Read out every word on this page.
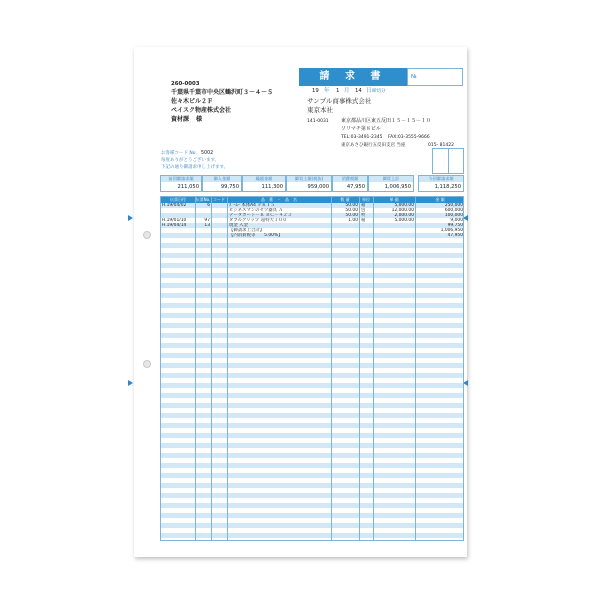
260-0003
千葉県千葉市中央区鶴沢町３－４－５
佐々木ビル２Ｆ
ペイスク物産株式会社
資材課 様
請 求 書	№
19 年 1 月 14 日 締切分
サンプル商事株式会社
東京本社
141-0031 東京都品川区東五反田１５－１５－１０
ソリマチ第８ビル
TEL:03-3491-2345 FAX:03-3555-9666
東京あさひ銀行五反田支店 当座	015- 81422
お客様コード No. 5002
毎度ありがとうございます。
下記の通り御請求申し上げます。
前回御請求額
211,050
御入金額
99,750
繰越金額
111,300
御買上額(税抜)
959,000
消費税額
47,950
御買上計
1,006,950
今回御請求額
1,118,250
伝票日付	伝票No. コード	品　番　・　品　名	数 量	単位	単 価	金 額
H.19/04/02	6	ｽﾞｰﾑｰ 本体A4 ＰＫ１５	50.00 箱	5,000.00	250,000
ビジネスマンのセツ器具 Ａ	50.00 包	12,000.00	600,000
データカート－Ｒ ＢＣ－４２３	50.00 枚	2,000.00	100,000
H.19/01/10	97	ダブルクリップ 超特大１００	1.00 箱	5,000.00	9,000
H.19/04/14	13	現金 入金	99,750
【御請求上合計】	1,006,950
【内消費税等　　5.00%】	47,950
